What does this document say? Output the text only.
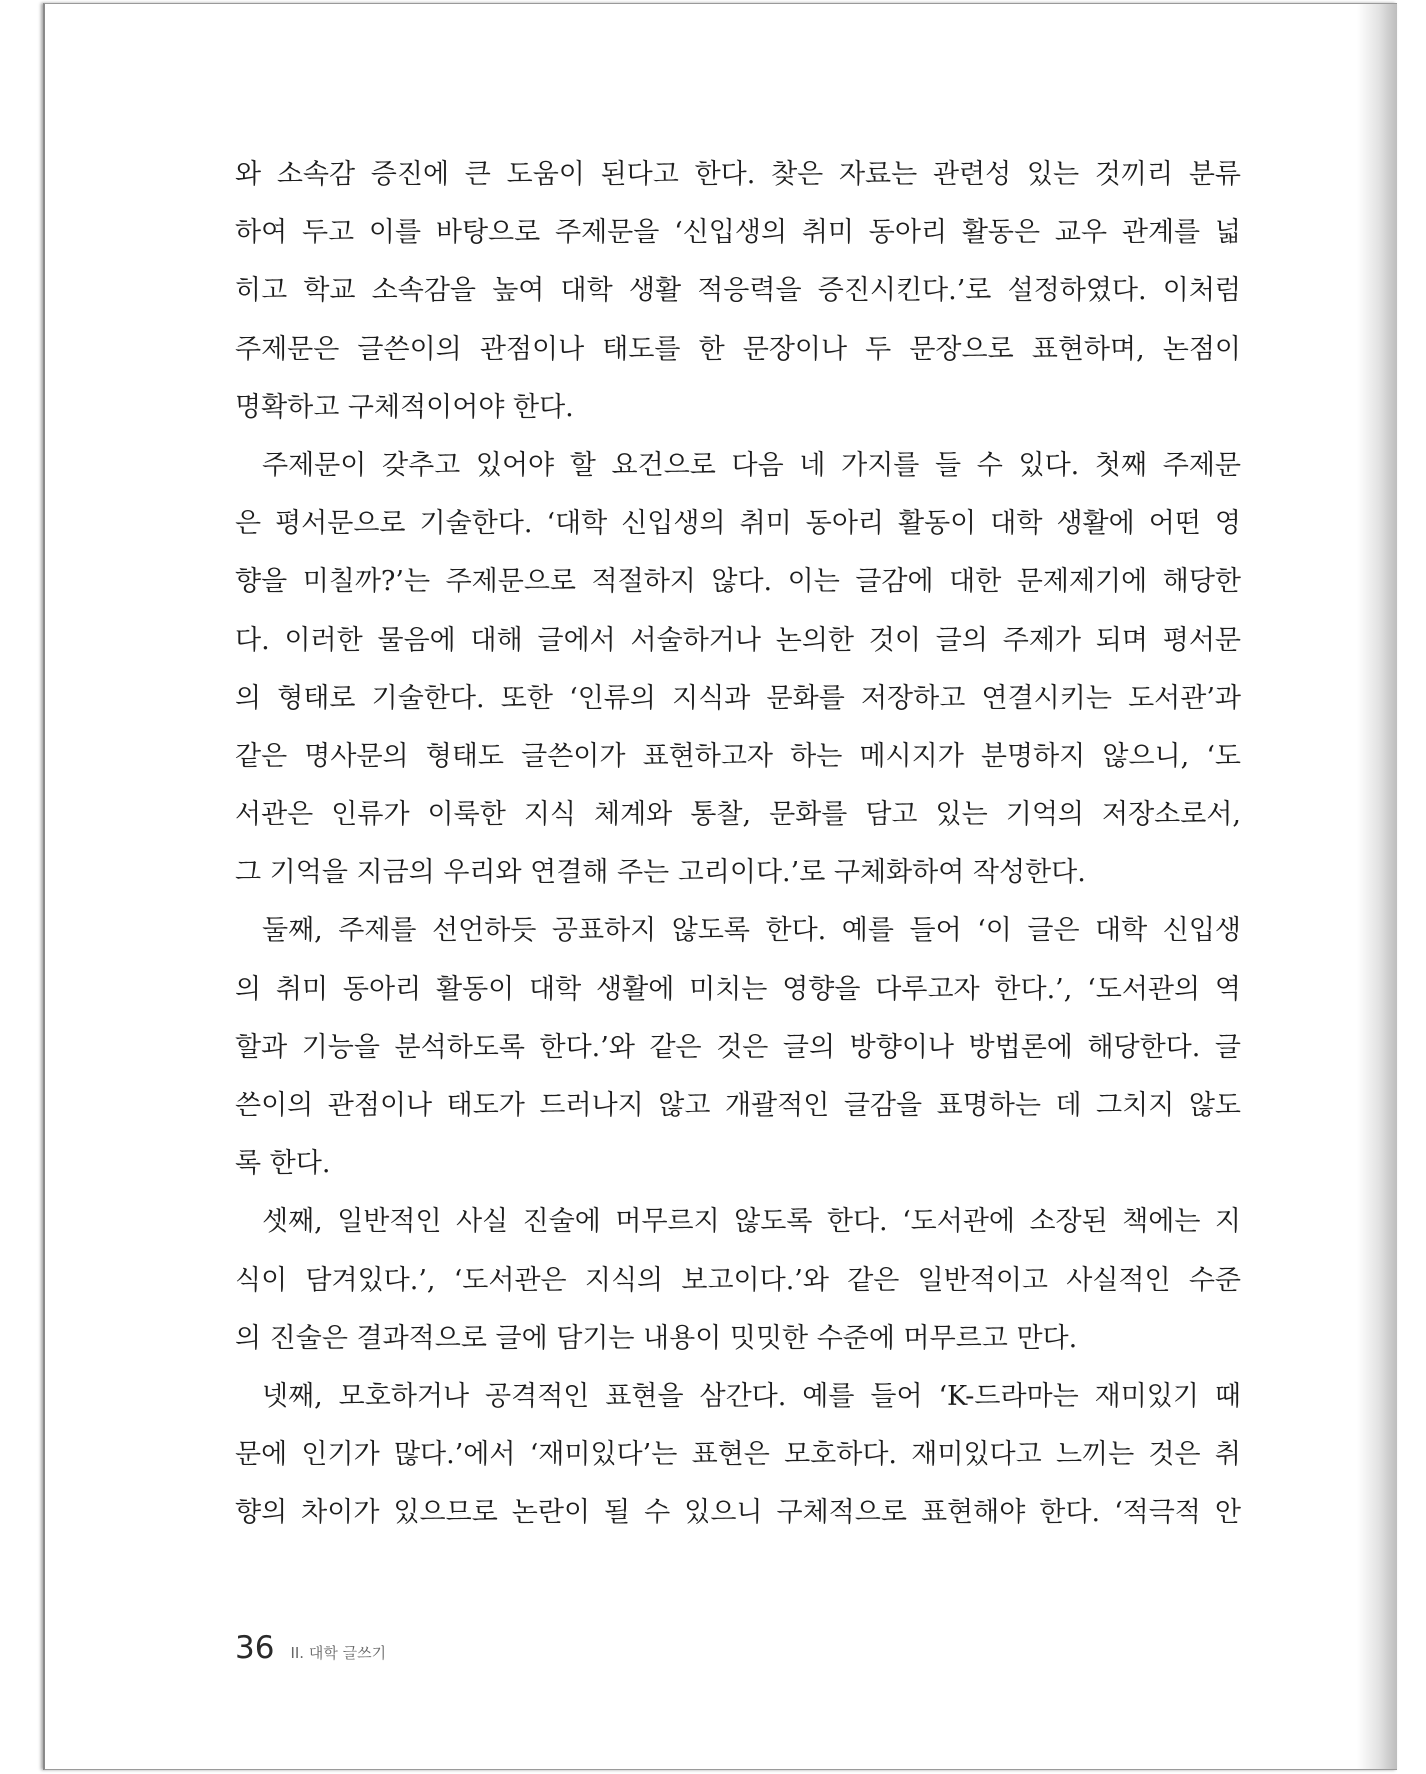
와 소속감 증진에 큰 도움이 된다고 한다. 찾은 자료는 관련성 있는 것끼리 분류
하여 두고 이를 바탕으로 주제문을 ‘신입생의 취미 동아리 활동은 교우 관계를 넓
히고 학교 소속감을 높여 대학 생활 적응력을 증진시킨다.’로 설정하였다. 이처럼
주제문은 글쓴이의 관점이나 태도를 한 문장이나 두 문장으로 표현하며, 논점이
명확하고 구체적이어야 한다.
주제문이 갖추고 있어야 할 요건으로 다음 네 가지를 들 수 있다. 첫째 주제문
은 평서문으로 기술한다. ‘대학 신입생의 취미 동아리 활동이 대학 생활에 어떤 영
향을 미칠까?’는 주제문으로 적절하지 않다. 이는 글감에 대한 문제제기에 해당한
다. 이러한 물음에 대해 글에서 서술하거나 논의한 것이 글의 주제가 되며 평서문
의 형태로 기술한다. 또한 ‘인류의 지식과 문화를 저장하고 연결시키는 도서관’과
같은 명사문의 형태도 글쓴이가 표현하고자 하는 메시지가 분명하지 않으니, ‘도
서관은 인류가 이룩한 지식 체계와 통찰, 문화를 담고 있는 기억의 저장소로서,
그 기억을 지금의 우리와 연결해 주는 고리이다.’로 구체화하여 작성한다.
둘째, 주제를 선언하듯 공표하지 않도록 한다. 예를 들어 ‘이 글은 대학 신입생
의 취미 동아리 활동이 대학 생활에 미치는 영향을 다루고자 한다.’, ‘도서관의 역
할과 기능을 분석하도록 한다.’와 같은 것은 글의 방향이나 방법론에 해당한다. 글
쓴이의 관점이나 태도가 드러나지 않고 개괄적인 글감을 표명하는 데 그치지 않도
록 한다.
셋째, 일반적인 사실 진술에 머무르지 않도록 한다. ‘도서관에 소장된 책에는 지
식이 담겨있다.’, ‘도서관은 지식의 보고이다.’와 같은 일반적이고 사실적인 수준
의 진술은 결과적으로 글에 담기는 내용이 밋밋한 수준에 머무르고 만다.
넷째, 모호하거나 공격적인 표현을 삼간다. 예를 들어 ‘K-드라마는 재미있기 때
문에 인기가 많다.’에서 ‘재미있다’는 표현은 모호하다. 재미있다고 느끼는 것은 취
향의 차이가 있으므로 논란이 될 수 있으니 구체적으로 표현해야 한다. ‘적극적 안
36 II. 대학 글쓰기
